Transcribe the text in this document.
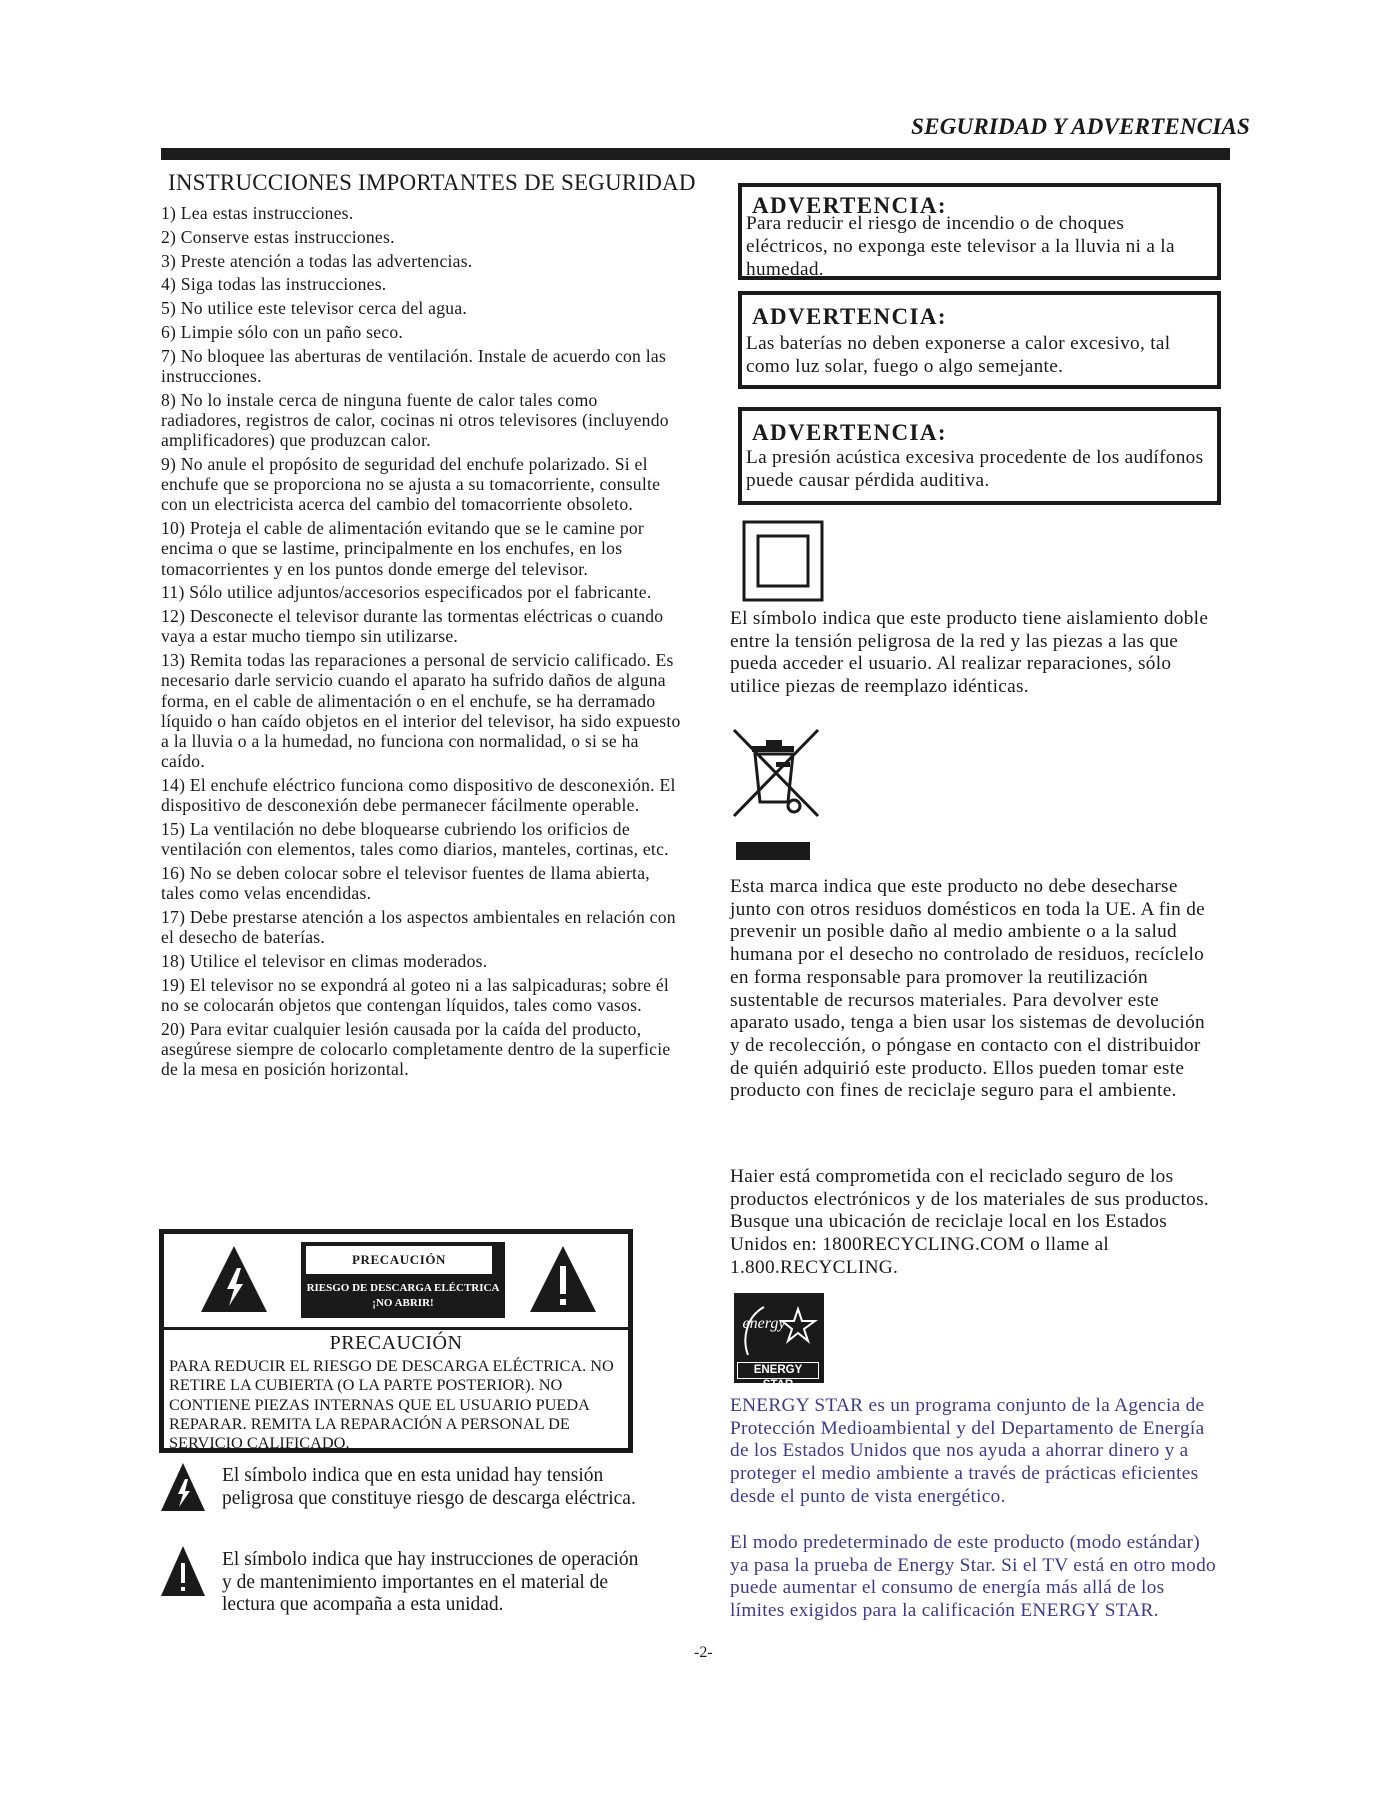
SEGURIDAD Y ADVERTENCIAS
INSTRUCCIONES IMPORTANTES DE SEGURIDAD
1) Lea estas instrucciones.
2) Conserve estas instrucciones.
3) Preste atención a todas las advertencias.
4) Siga todas las instrucciones.
5) No utilice este televisor cerca del agua.
6) Limpie sólo con un paño seco.
7) No bloquee las aberturas de ventilación. Instale de acuerdo con las instrucciones.
8) No lo instale cerca de ninguna fuente de calor tales como radiadores, registros de calor, cocinas ni otros televisores (incluyendo amplificadores) que produzcan calor.
9) No anule el propósito de seguridad del enchufe polarizado. Si el enchufe que se proporciona no se ajusta a su tomacorriente, consulte con un electricista acerca del cambio del tomacorriente obsoleto.
10) Proteja el cable de alimentación evitando que se le camine por encima o que se lastime, principalmente en los enchufes, en los tomacorrientes y en los puntos donde emerge del televisor.
11) Sólo utilice adjuntos/accesorios especificados por el fabricante.
12) Desconecte el televisor durante las tormentas eléctricas o cuando vaya a estar mucho tiempo sin utilizarse.
13) Remita todas las reparaciones a personal de servicio calificado. Es necesario darle servicio cuando el aparato ha sufrido daños de alguna forma, en el cable de alimentación o en el enchufe, se ha derramado líquido o han caído objetos en el interior del televisor, ha sido expuesto a la lluvia o a la humedad, no funciona con normalidad, o si se ha caído.
14) El enchufe eléctrico funciona como dispositivo de desconexión. El dispositivo de desconexión debe permanecer fácilmente operable.
15) La ventilación no debe bloquearse cubriendo los orificios de ventilación con elementos, tales como diarios, manteles, cortinas, etc.
16) No se deben colocar sobre el televisor fuentes de llama abierta, tales como velas encendidas.
17) Debe prestarse atención a los aspectos ambientales en relación con el desecho de baterías.
18) Utilice el televisor en climas moderados.
19) El televisor no se expondrá al goteo ni a las salpicaduras; sobre él no se colocarán objetos que contengan líquidos, tales como vasos.
20) Para evitar cualquier lesión causada por la caída del producto, asegúrese siempre de colocarlo completamente dentro de la superficie de la mesa en posición horizontal.
PRECAUCIÓN
RIESGO DE DESCARGA ELÉCTRICA
¡NO ABRIR!
PRECAUCIÓN
PARA REDUCIR EL RIESGO DE DESCARGA ELÉCTRICA. NO RETIRE LA CUBIERTA (O LA PARTE POSTERIOR). NO CONTIENE PIEZAS INTERNAS QUE EL USUARIO PUEDA REPARAR. REMITA LA REPARACIÓN A PERSONAL DE SERVICIO CALIFICADO.
El símbolo indica que en esta unidad hay tensión peligrosa que constituye riesgo de descarga eléctrica.
El símbolo indica que hay instrucciones de operación y de mantenimiento importantes en el material de lectura que acompaña a esta unidad.
ADVERTENCIA:
Para reducir el riesgo de incendio o de choques eléctricos, no exponga este televisor a la lluvia ni a la humedad.
ADVERTENCIA:
Las baterías no deben exponerse a calor excesivo, tal como luz solar, fuego o algo semejante.
ADVERTENCIA:
La presión acústica excesiva procedente de los audífonos puede causar pérdida auditiva.
El símbolo indica que este producto tiene aislamiento doble entre la tensión peligrosa de la red y las piezas a las que pueda acceder el usuario. Al realizar reparaciones, sólo utilice piezas de reemplazo idénticas.
Esta marca indica que este producto no debe desecharse junto con otros residuos domésticos en toda la UE. A fin de prevenir un posible daño al medio ambiente o a la salud humana por el desecho no controlado de residuos, recíclelo en forma responsable para promover la reutilización sustentable de recursos materiales. Para devolver este aparato usado, tenga a bien usar los sistemas de devolución y de recolección, o póngase en contacto con el distribuidor de quién adquirió este producto. Ellos pueden tomar este producto con fines de reciclaje seguro para el ambiente.
Haier está comprometida con el reciclado seguro de los productos electrónicos y de los materiales de sus productos. Busque una ubicación de reciclaje local en los Estados Unidos en: 1800RECYCLING.COM o llame al 1.800.RECYCLING.
energy
ENERGY STAR
ENERGY STAR es un programa conjunto de la Agencia de Protección Medioambiental y del Departamento de Energía de los Estados Unidos que nos ayuda a ahorrar dinero y a proteger el medio ambiente a través de prácticas eficientes desde el punto de vista energético.
El modo predeterminado de este producto (modo estándar) ya pasa la prueba de Energy Star. Si el TV está en otro modo puede aumentar el consumo de energía más allá de los límites exigidos para la calificación ENERGY STAR.
-2-
